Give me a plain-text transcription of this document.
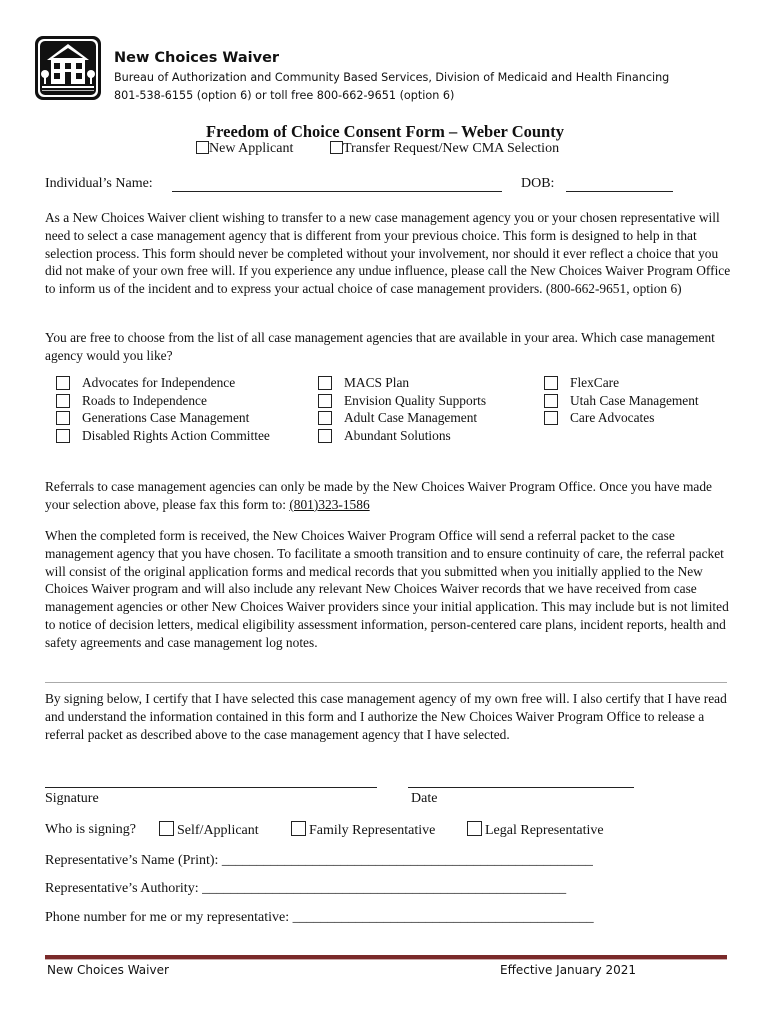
New Choices Waiver
Bureau of Authorization and Community Based Services, Division of Medicaid and Health Financing
801-538-6155 (option 6) or toll free 800-662-9651 (option 6)
Freedom of Choice Consent Form – Weber County
New Applicant	Transfer Request/New CMA Selection
Individual’s Name:	DOB:
As a New Choices Waiver client wishing to transfer to a new case management agency you or your chosen representative will need to select a case management agency that is different from your previous choice. This form is designed to help in that selection process. This form should never be completed without your involvement, nor should it ever reflect a choice that you did not make of your own free will. If you experience any undue influence, please call the New Choices Waiver Program Office to inform us of the incident and to express your actual choice of case management providers. (800-662-9651, option 6)
You are free to choose from the list of all case management agencies that are available in your area. Which case management agency would you like?
Advocates for Independence
Roads to Independence
Generations Case Management
Disabled Rights Action Committee
MACS Plan
Envision Quality Supports
Adult Case Management
Abundant Solutions
FlexCare
Utah Case Management
Care Advocates
Referrals to case management agencies can only be made by the New Choices Waiver Program Office. Once you have made your selection above, please fax this form to: (801)323-1586
When the completed form is received, the New Choices Waiver Program Office will send a referral packet to the case management agency that you have chosen. To facilitate a smooth transition and to ensure continuity of care, the referral packet will consist of the original application forms and medical records that you submitted when you initially applied to the New Choices Waiver program and will also include any relevant New Choices Waiver records that we have received from case management agencies or other New Choices Waiver providers since your initial application. This may include but is not limited to notice of decision letters, medical eligibility assessment information, person-centered care plans, incident reports, health and safety agreements and case management log notes.
By signing below, I certify that I have selected this case management agency of my own free will. I also certify that I have read and understand the information contained in this form and I authorize the New Choices Waiver Program Office to release a referral packet as described above to the case management agency that I have selected.
Signature	Date
Who is signing?	Self/Applicant	Family Representative	Legal Representative
Representative’s Name (Print): _____________________________________________________
Representative’s Authority: ____________________________________________________
Phone number for me or my representative: ___________________________________________
New Choices Waiver	Effective January 2021
